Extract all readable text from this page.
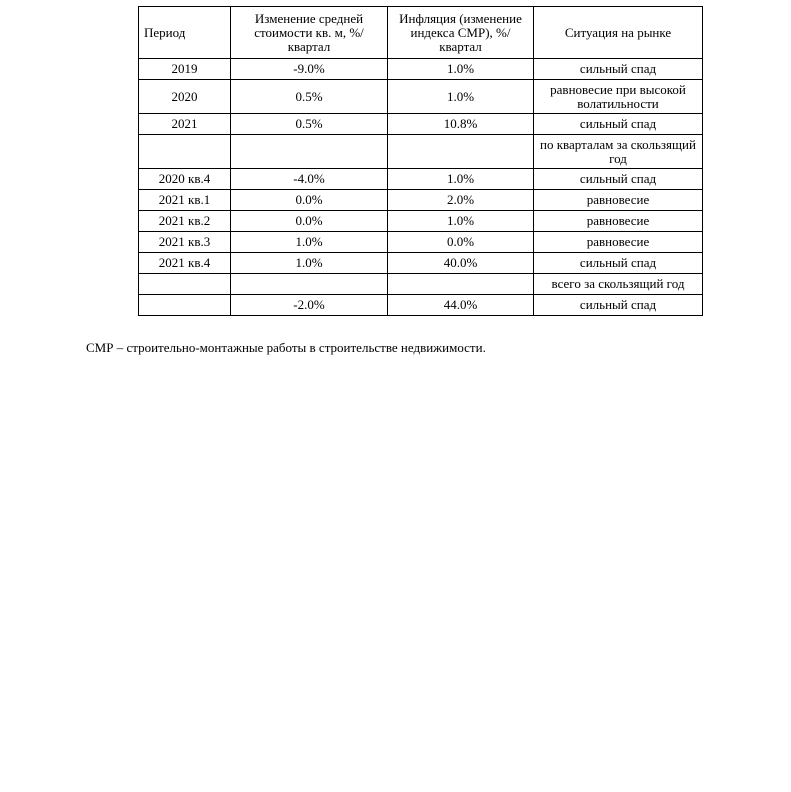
Период	Изменение средней стоимости кв. м, %/ квартал	Инфляция (изменение индекса СМР), %/ квартал	Ситуация на рынке
2019	-9.0%	1.0%	сильный спад
2020	0.5%	1.0%	равновесие при высокой волатильности
2021	0.5%	10.8%	сильный спад
			по кварталам за скользящий год
2020 кв.4	-4.0%	1.0%	сильный спад
2021 кв.1	0.0%	2.0%	равновесие
2021 кв.2	0.0%	1.0%	равновесие
2021 кв.3	1.0%	0.0%	равновесие
2021 кв.4	1.0%	40.0%	сильный спад
			всего за скользящий год
	-2.0%	44.0%	сильный спад
СМР – строительно-монтажные работы в строительстве недвижимости.
